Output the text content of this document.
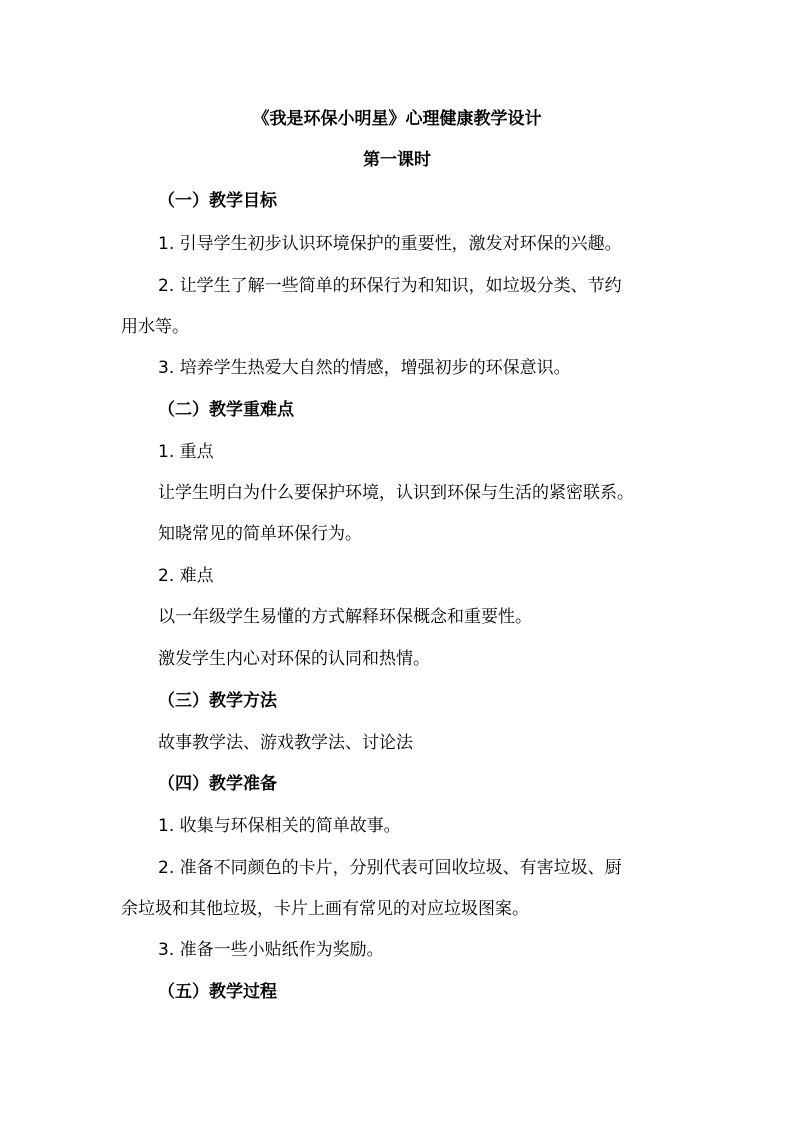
《我是环保小明星》心理健康教学设计
第一课时
（一）教学目标
1. 引导学生初步认识环境保护的重要性，激发对环保的兴趣。
2. 让学生了解一些简单的环保行为和知识，如垃圾分类、节约
用水等。
3. 培养学生热爱大自然的情感，增强初步的环保意识。
（二）教学重难点
1. 重点
让学生明白为什么要保护环境，认识到环保与生活的紧密联系。
知晓常见的简单环保行为。
2. 难点
以一年级学生易懂的方式解释环保概念和重要性。
激发学生内心对环保的认同和热情。
（三）教学方法
故事教学法、游戏教学法、讨论法
（四）教学准备
1. 收集与环保相关的简单故事。
2. 准备不同颜色的卡片，分别代表可回收垃圾、有害垃圾、厨
余垃圾和其他垃圾，卡片上画有常见的对应垃圾图案。
3. 准备一些小贴纸作为奖励。
（五）教学过程
